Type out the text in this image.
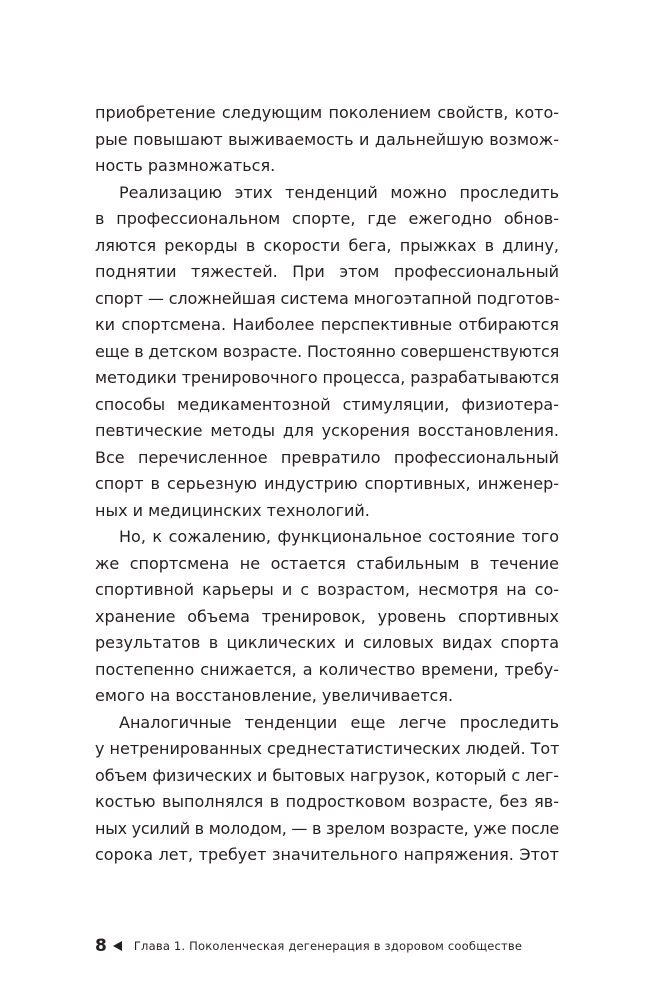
приобретение следующим поколением свойств, кото-
рые повышают выживаемость и дальнейшую возмож-
ность размножаться.
Реализацию этих тенденций можно проследить
в профессиональном спорте, где ежегодно обнов-
ляются рекорды в скорости бега, прыжках в длину,
поднятии тяжестей. При этом профессиональный
спорт — сложнейшая система многоэтапной подготов-
ки спортсмена. Наиболее перспективные отбираются
еще в детском возрасте. Постоянно совершенствуются
методики тренировочного процесса, разрабатываются
способы медикаментозной стимуляции, физиотера-
певтические методы для ускорения восстановления.
Все перечисленное превратило профессиональный
спорт в серьезную индустрию спортивных, инженер-
ных и медицинских технологий.
Но, к сожалению, функциональное состояние того
же спортсмена не остается стабильным в течение
спортивной карьеры и с возрастом, несмотря на со-
хранение объема тренировок, уровень спортивных
результатов в циклических и силовых видах спорта
постепенно снижается, а количество времени, требу-
емого на восстановление, увеличивается.
Аналогичные тенденции еще легче проследить
у нетренированных среднестатистических людей. Тот
объем физических и бытовых нагрузок, который с лег-
костью выполнялся в подростковом возрасте, без яв-
ных усилий в молодом, — в зрелом возрасте, уже после
сорока лет, требует значительного напряжения. Этот
8 Глава 1. Поколенческая дегенерация в здоровом сообществе
